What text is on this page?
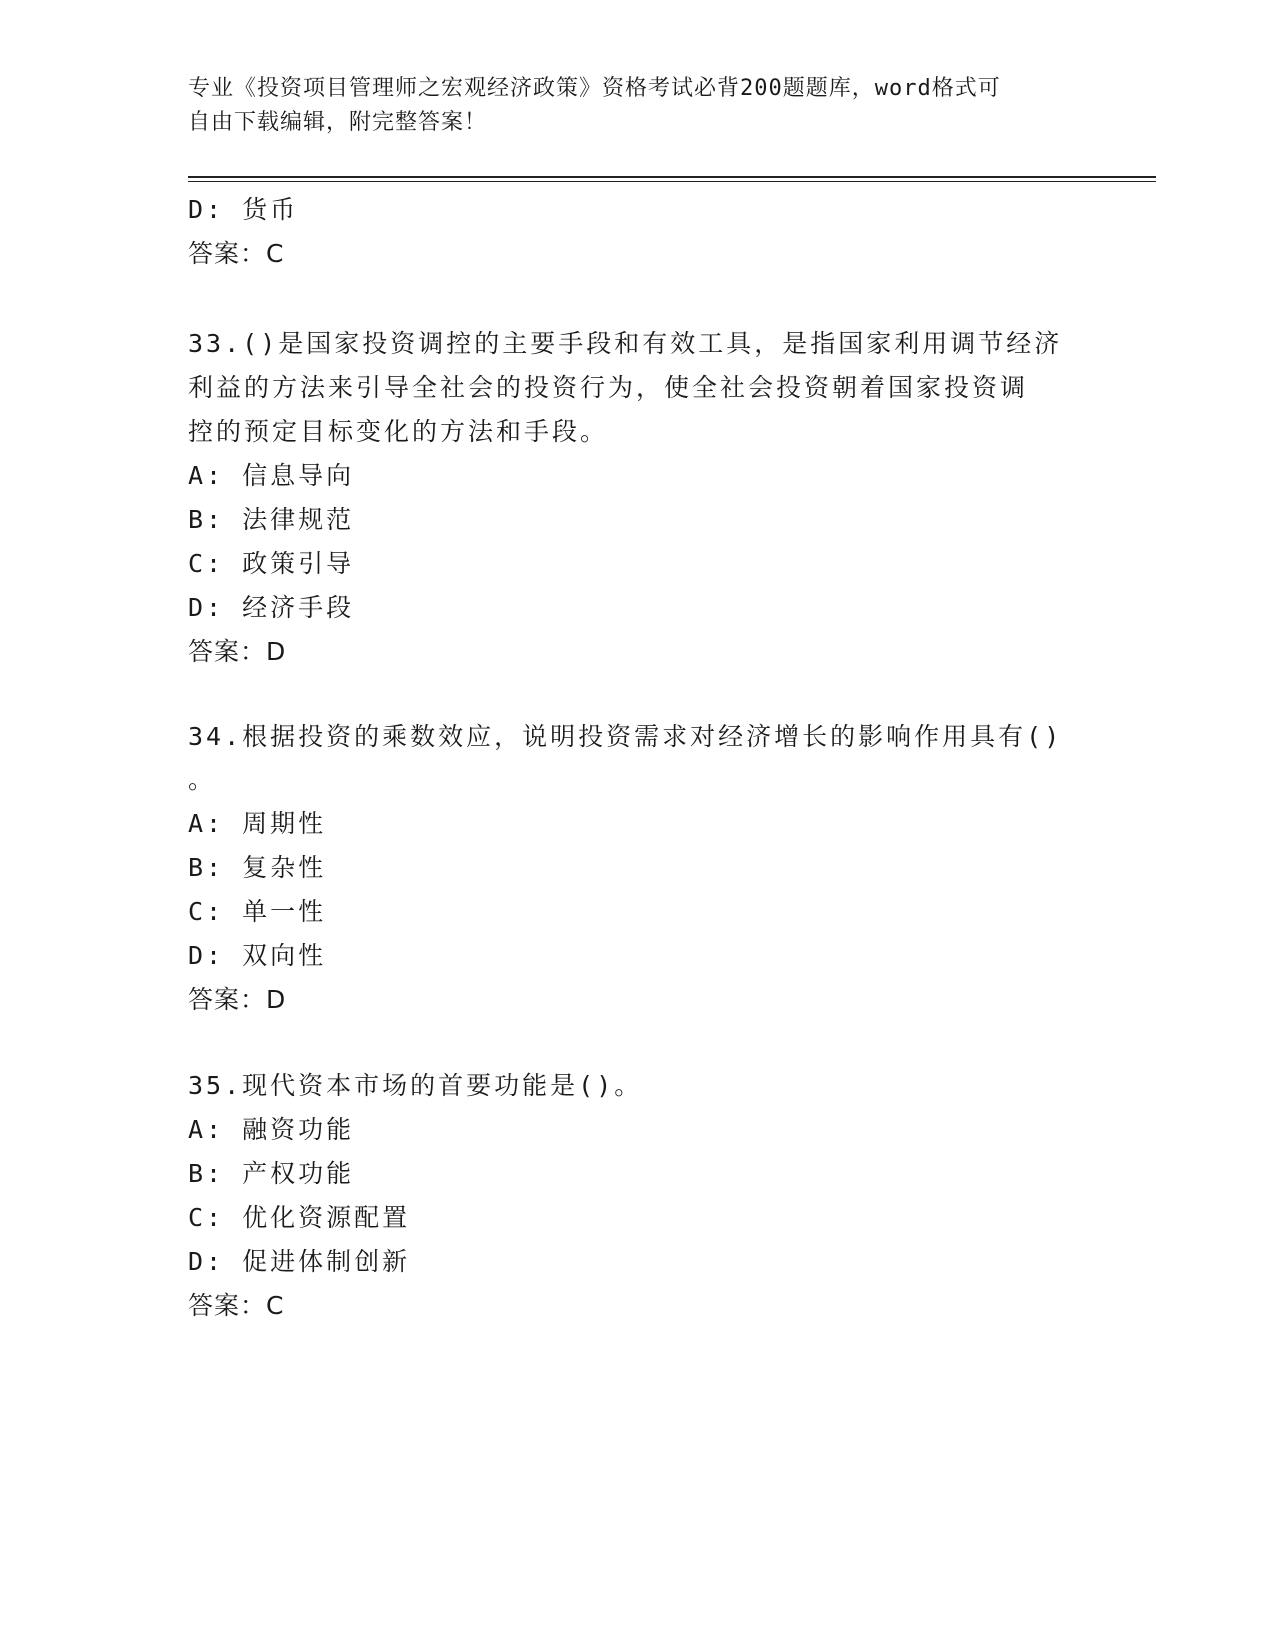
专业《投资项目管理师之宏观经济政策》资格考试必背200题题库，word格式可
自由下载编辑，附完整答案！
D: 货币
答案：C
33.()是国家投资调控的主要手段和有效工具，是指国家利用调节经济
利益的方法来引导全社会的投资行为，使全社会投资朝着国家投资调
控的预定目标变化的方法和手段。
A: 信息导向
B: 法律规范
C: 政策引导
D: 经济手段
答案：D
34.根据投资的乘数效应，说明投资需求对经济增长的影响作用具有()
。
A: 周期性
B: 复杂性
C: 单一性
D: 双向性
答案：D
35.现代资本市场的首要功能是()。
A: 融资功能
B: 产权功能
C: 优化资源配置
D: 促进体制创新
答案：C
